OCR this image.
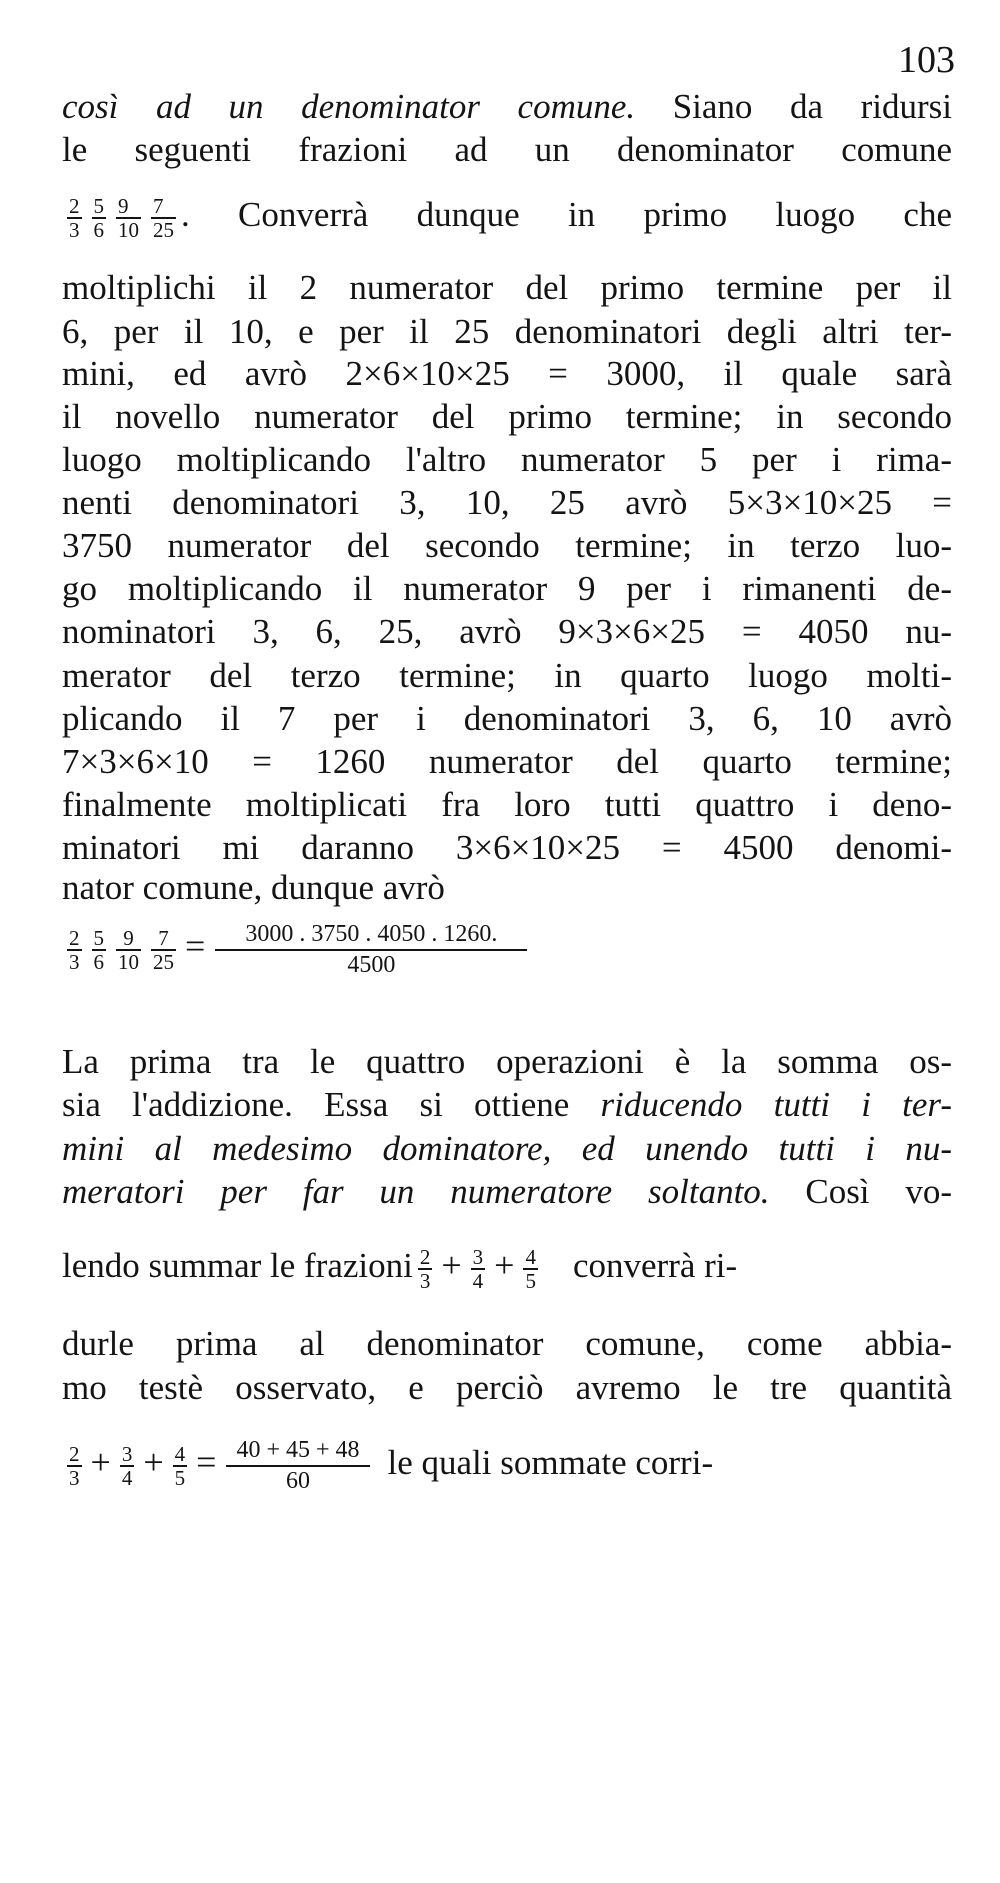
103
così ad un denominator comune. Siano da ridursi
le seguenti frazioni ad un denominator comune
$\frac{2}{3} \frac{5}{6} \frac{9}{10} \frac{7}{25}$ . Converrà dunque in primo luogo che
moltiplichi il 2 numerator del primo termine per il
6, per il 10, e per il 25 denominatori degli altri ter-
mini, ed avrò 2×6×10×25 = 3000, il quale sarà
il novello numerator del primo termine; in secondo
luogo moltiplicando l'altro numerator 5 per i rima-
nenti denominatori 3, 10, 25 avrò 5×3×10×25 =
3750 numerator del secondo termine; in terzo luo-
go moltiplicando il numerator 9 per i rimanenti de-
nominatori 3, 6, 25, avrò 9×3×6×25 = 4050 nu-
merator del terzo termine; in quarto luogo molti-
plicando il 7 per i denominatori 3, 6, 10 avrò
7×3×6×10 = 1260 numerator del quarto termine;
finalmente moltiplicati fra loro tutti quattro i deno-
minatori mi daranno 3×6×10×25 = 4500 denomi-
nator comune, dunque avrò
$\frac{2}{3} \frac{5}{6} \frac{9}{10} \frac{7}{25} = \frac{3000 . 3750 . 4050 . 1260.}{4500}$
La prima tra le quattro operazioni è la somma os-
sia l'addizione. Essa si ottiene riducendo tutti i ter-
mini al medesimo dominatore, ed unendo tutti i nu-
meratori per far un numeratore soltanto. Così vo-
lendo summar le frazioni $\frac{2}{3} + \frac{3}{4} + \frac{4}{5}$ converrà ri-
durle prima al denominator comune, come abbia-
mo testè osservato, e perciò avremo le tre quantità
$\frac{2}{3} + \frac{3}{4} + \frac{4}{5} = \frac{40 + 45 + 48}{60}$ le quali sommate corri-
